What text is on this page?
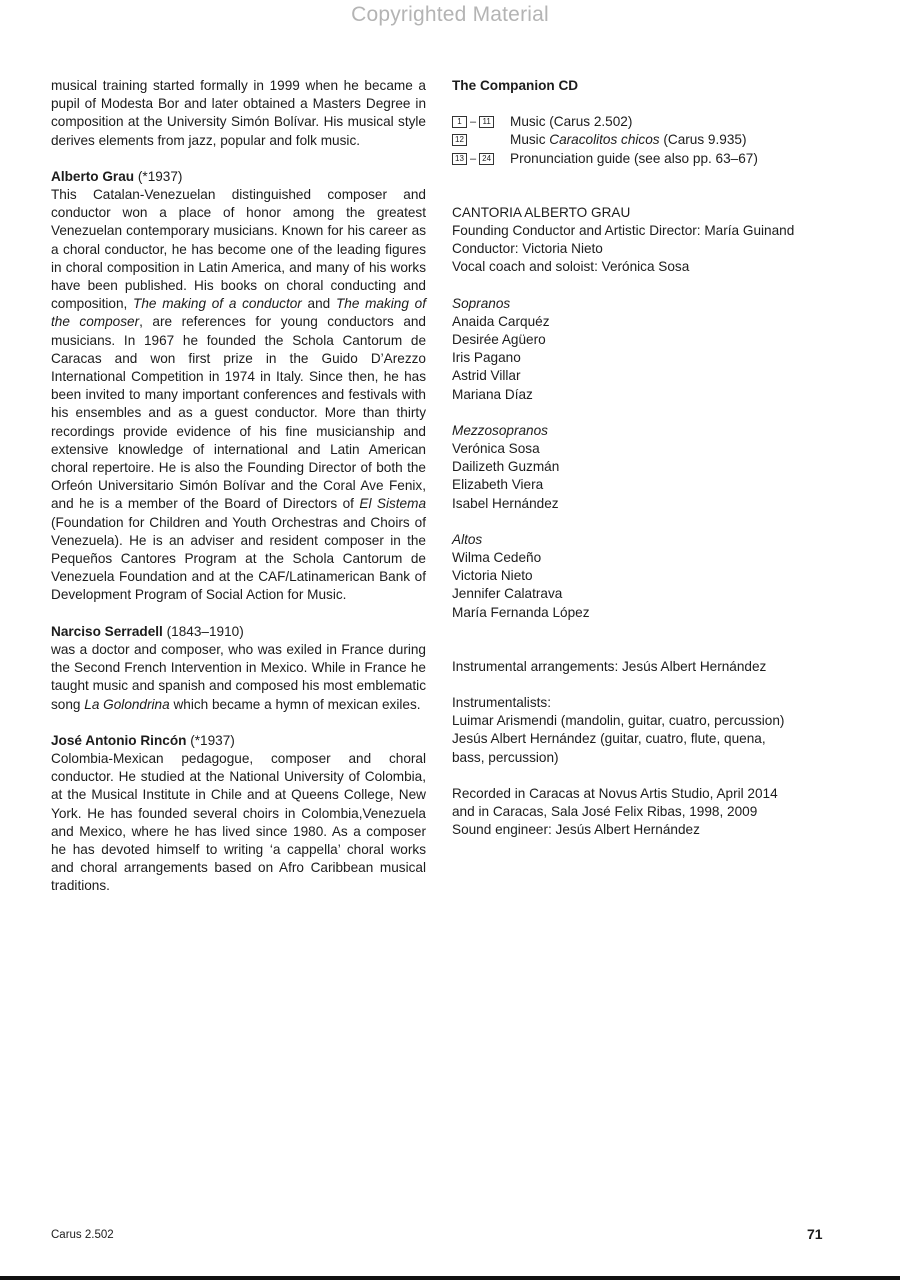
Copyrighted Material

musical training started formally in 1999 when he became a pupil of Modesta Bor and later obtained a Masters Degree in composition at the University Simón Bolívar. His musical style derives elements from jazz, popular and folk music.

Alberto Grau (*1937)

This Catalan-Venezuelan distinguished composer and conductor won a place of honor among the greatest Venezuelan contemporary musicians. Known for his career as a choral conductor, he has become one of the leading figures in choral composition in Latin America, and many of his works have been published. His books on choral conducting and composition, The making of a conductor and The making of the composer, are references for young conductors and musicians. In 1967 he founded the Schola Cantorum de Caracas and won first prize in the Guido D’Arezzo International Competition in 1974 in Italy. Since then, he has been invited to many important conferences and festivals with his ensembles and as a guest conductor. More than thirty recordings provide evidence of his fine musicianship and extensive knowledge of international and Latin American choral repertoire. He is also the Founding Director of both the Orfeón Universitario Simón Bolívar and the Coral Ave Fenix, and he is a member of the Board of Directors of El Sistema (Foundation for Children and Youth Orchestras and Choirs of Venezuela). He is an adviser and resident composer in the Pequeños Cantores Program at the Schola Cantorum de Venezuela Foundation and at the CAF/Latinamerican Bank of Development Program of Social Action for Music.

Narciso Serradell (1843–1910)

was a doctor and composer, who was exiled in France during the Second French Intervention in Mexico. While in France he taught music and spanish and composed his most emblematic song La Golondrina which became a hymn of mexican exiles.

José Antonio Rincón (*1937)

Colombia-Mexican pedagogue, composer and choral conductor. He studied at the National University of Colombia, at the Musical Institute in Chile and at Queens College, New York. He has founded several choirs in Colombia,Venezuela and Mexico, where he has lived since 1980. As a composer he has devoted himself to writing ‘a cappella’ choral works and choral arrangements based on Afro Caribbean musical traditions.

The Companion CD
1 – 11 Music (Carus 2.502)
12	Music Caracolitos chicos (Carus 9.935)
13 – 24 Pronunciation guide (see also pp. 63–67)
CANTORIA ALBERTO GRAU
Founding Conductor and Artistic Director: María Guinand
Conductor: Victoria Nieto
Vocal coach and soloist: Verónica Sosa
Sopranos
Anaida Carquéz
Desirée Agüero
Iris Pagano
Astrid Villar
Mariana Díaz
Mezzosopranos
Verónica Sosa
Dailizeth Guzmán
Elizabeth Viera
Isabel Hernández
Altos
Wilma Cedeño
Victoria Nieto
Jennifer Calatrava
María Fernanda López
Instrumental arrangements: Jesús Albert Hernández
Instrumentalists:
Luimar Arismendi (mandolin, guitar, cuatro, percussion)
Jesús Albert Hernández (guitar, cuatro, flute, quena,
bass, percussion)
Recorded in Caracas at Novus Artis Studio, April 2014
and in Caracas, Sala José Felix Ribas, 1998, 2009
Sound engineer: Jesús Albert Hernández
Carus 2.502	71
